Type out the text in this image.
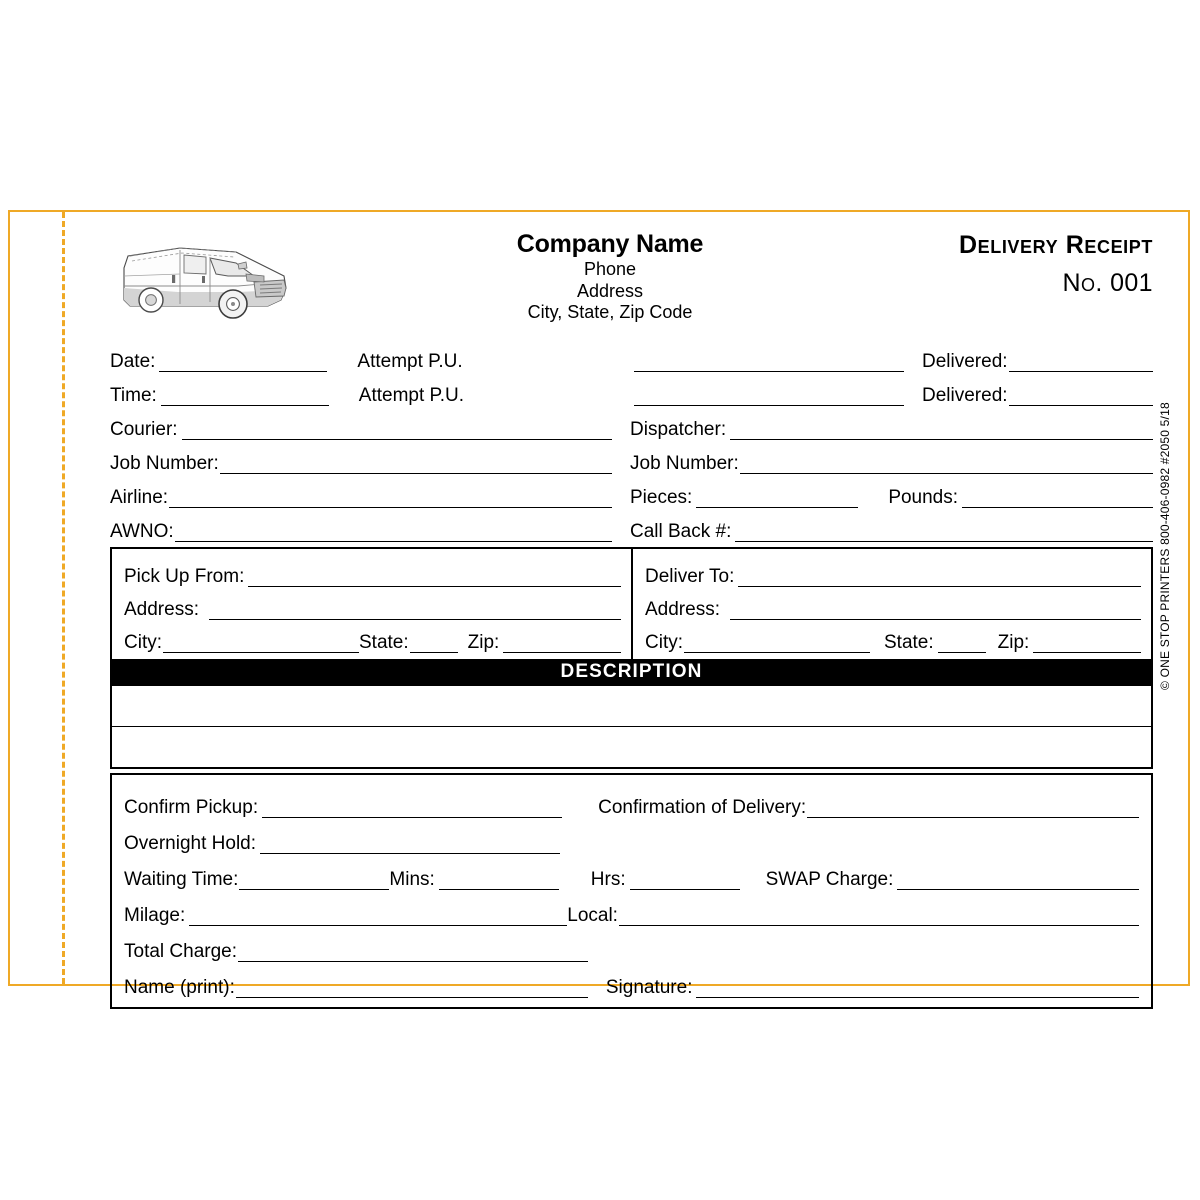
Company Name
Phone
Address
City, State, Zip Code
Delivery Receipt
No. 001
Date:	Attempt P.U.	Delivered:
Time:	Attempt P.U.	Delivered:
Courier:	Dispatcher:
Job Number:	Job Number:
Airline:	Pieces:	Pounds:
AWNO:	Call Back #:
Pick Up From:
Address:
City:	State:	Zip:
Deliver To:
Address:
City:	State:	Zip:
DESCRIPTION
Confirm Pickup:	Confirmation of Delivery:
Overnight Hold:
Waiting Time:	Mins:	Hrs:	SWAP Charge:
Milage:	Local:
Total Charge:
Name (print):	Signature:
© ONE STOP PRINTERS 800-406-0982 #2050 5/18
